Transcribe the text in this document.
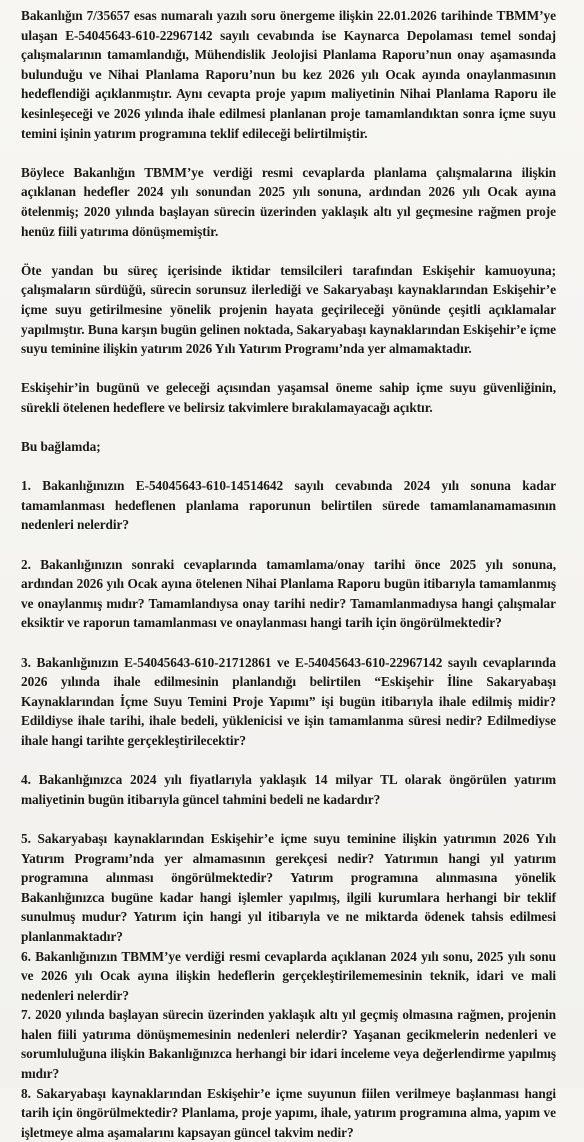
Bakanlığın 7/35657 esas numaralı yazılı soru önergeme ilişkin 22.01.2026 tarihinde TBMM’ye ulaşan E-54045643-610-22967142 sayılı cevabında ise Kaynarca Depolaması temel sondaj çalışmalarının tamamlandığı, Mühendislik Jeolojisi Planlama Raporu’nun onay aşamasında bulunduğu ve Nihai Planlama Raporu’nun bu kez 2026 yılı Ocak ayında onaylanmasının hedeflendiği açıklanmıştır. Aynı cevapta proje yapım maliyetinin Nihai Planlama Raporu ile kesinleşeceği ve 2026 yılında ihale edilmesi planlanan proje tamamlandıktan sonra içme suyu temini işinin yatırım programına teklif edileceği belirtilmiştir.

Böylece Bakanlığın TBMM’ye verdiği resmi cevaplarda planlama çalışmalarına ilişkin açıklanan hedefler 2024 yılı sonundan 2025 yılı sonuna, ardından 2026 yılı Ocak ayına ötelenmiş; 2020 yılında başlayan sürecin üzerinden yaklaşık altı yıl geçmesine rağmen proje henüz fiili yatırıma dönüşmemiştir.

Öte yandan bu süreç içerisinde iktidar temsilcileri tarafından Eskişehir kamuoyuna; çalışmaların sürdüğü, sürecin sorunsuz ilerlediği ve Sakaryabaşı kaynaklarından Eskişehir’e içme suyu getirilmesine yönelik projenin hayata geçirileceği yönünde çeşitli açıklamalar yapılmıştır. Buna karşın bugün gelinen noktada, Sakaryabaşı kaynaklarından Eskişehir’e içme suyu teminine ilişkin yatırım 2026 Yılı Yatırım Programı’nda yer almamaktadır.

Eskişehir’in bugünü ve geleceği açısından yaşamsal öneme sahip içme suyu güvenliğinin, sürekli ötelenen hedeflere ve belirsiz takvimlere bırakılamayacağı açıktır.

Bu bağlamda;

1. Bakanlığınızın E-54045643-610-14514642 sayılı cevabında 2024 yılı sonuna kadar tamamlanması hedeflenen planlama raporunun belirtilen sürede tamamlanamamasının nedenleri nelerdir?

2. Bakanlığınızın sonraki cevaplarında tamamlama/onay tarihi önce 2025 yılı sonuna, ardından 2026 yılı Ocak ayına ötelenen Nihai Planlama Raporu bugün itibarıyla tamamlanmış ve onaylanmış mıdır? Tamamlandıysa onay tarihi nedir? Tamamlanmadıysa hangi çalışmalar eksiktir ve raporun tamamlanması ve onaylanması hangi tarih için öngörülmektedir?

3. Bakanlığınızın E-54045643-610-21712861 ve E-54045643-610-22967142 sayılı cevaplarında 2026 yılında ihale edilmesinin planlandığı belirtilen “Eskişehir İline Sakaryabaşı Kaynaklarından İçme Suyu Temini Proje Yapımı” işi bugün itibarıyla ihale edilmiş midir? Edildiyse ihale tarihi, ihale bedeli, yüklenicisi ve işin tamamlanma süresi nedir? Edilmediyse ihale hangi tarihte gerçekleştirilecektir?

4. Bakanlığınızca 2024 yılı fiyatlarıyla yaklaşık 14 milyar TL olarak öngörülen yatırım maliyetinin bugün itibarıyla güncel tahmini bedeli ne kadardır?

5. Sakaryabaşı kaynaklarından Eskişehir’e içme suyu teminine ilişkin yatırımın 2026 Yılı Yatırım Programı’nda yer almamasının gerekçesi nedir? Yatırımın hangi yıl yatırım programına alınması öngörülmektedir? Yatırım programına alınmasına yönelik Bakanlığınızca bugüne kadar hangi işlemler yapılmış, ilgili kurumlara herhangi bir teklif sunulmuş mudur? Yatırım için hangi yıl itibarıyla ve ne miktarda ödenek tahsis edilmesi planlanmaktadır?

6. Bakanlığınızın TBMM’ye verdiği resmi cevaplarda açıklanan 2024 yılı sonu, 2025 yılı sonu ve 2026 yılı Ocak ayına ilişkin hedeflerin gerçekleştirilememesinin teknik, idari ve mali nedenleri nelerdir?

7. 2020 yılında başlayan sürecin üzerinden yaklaşık altı yıl geçmiş olmasına rağmen, projenin halen fiili yatırıma dönüşmemesinin nedenleri nelerdir? Yaşanan gecikmelerin nedenleri ve sorumluluğuna ilişkin Bakanlığınızca herhangi bir idari inceleme veya değerlendirme yapılmış mıdır?

8. Sakaryabaşı kaynaklarından Eskişehir’e içme suyunun fiilen verilmeye başlanması hangi tarih için öngörülmektedir? Planlama, proje yapımı, ihale, yatırım programına alma, yapım ve işletmeye alma aşamalarını kapsayan güncel takvim nedir?
